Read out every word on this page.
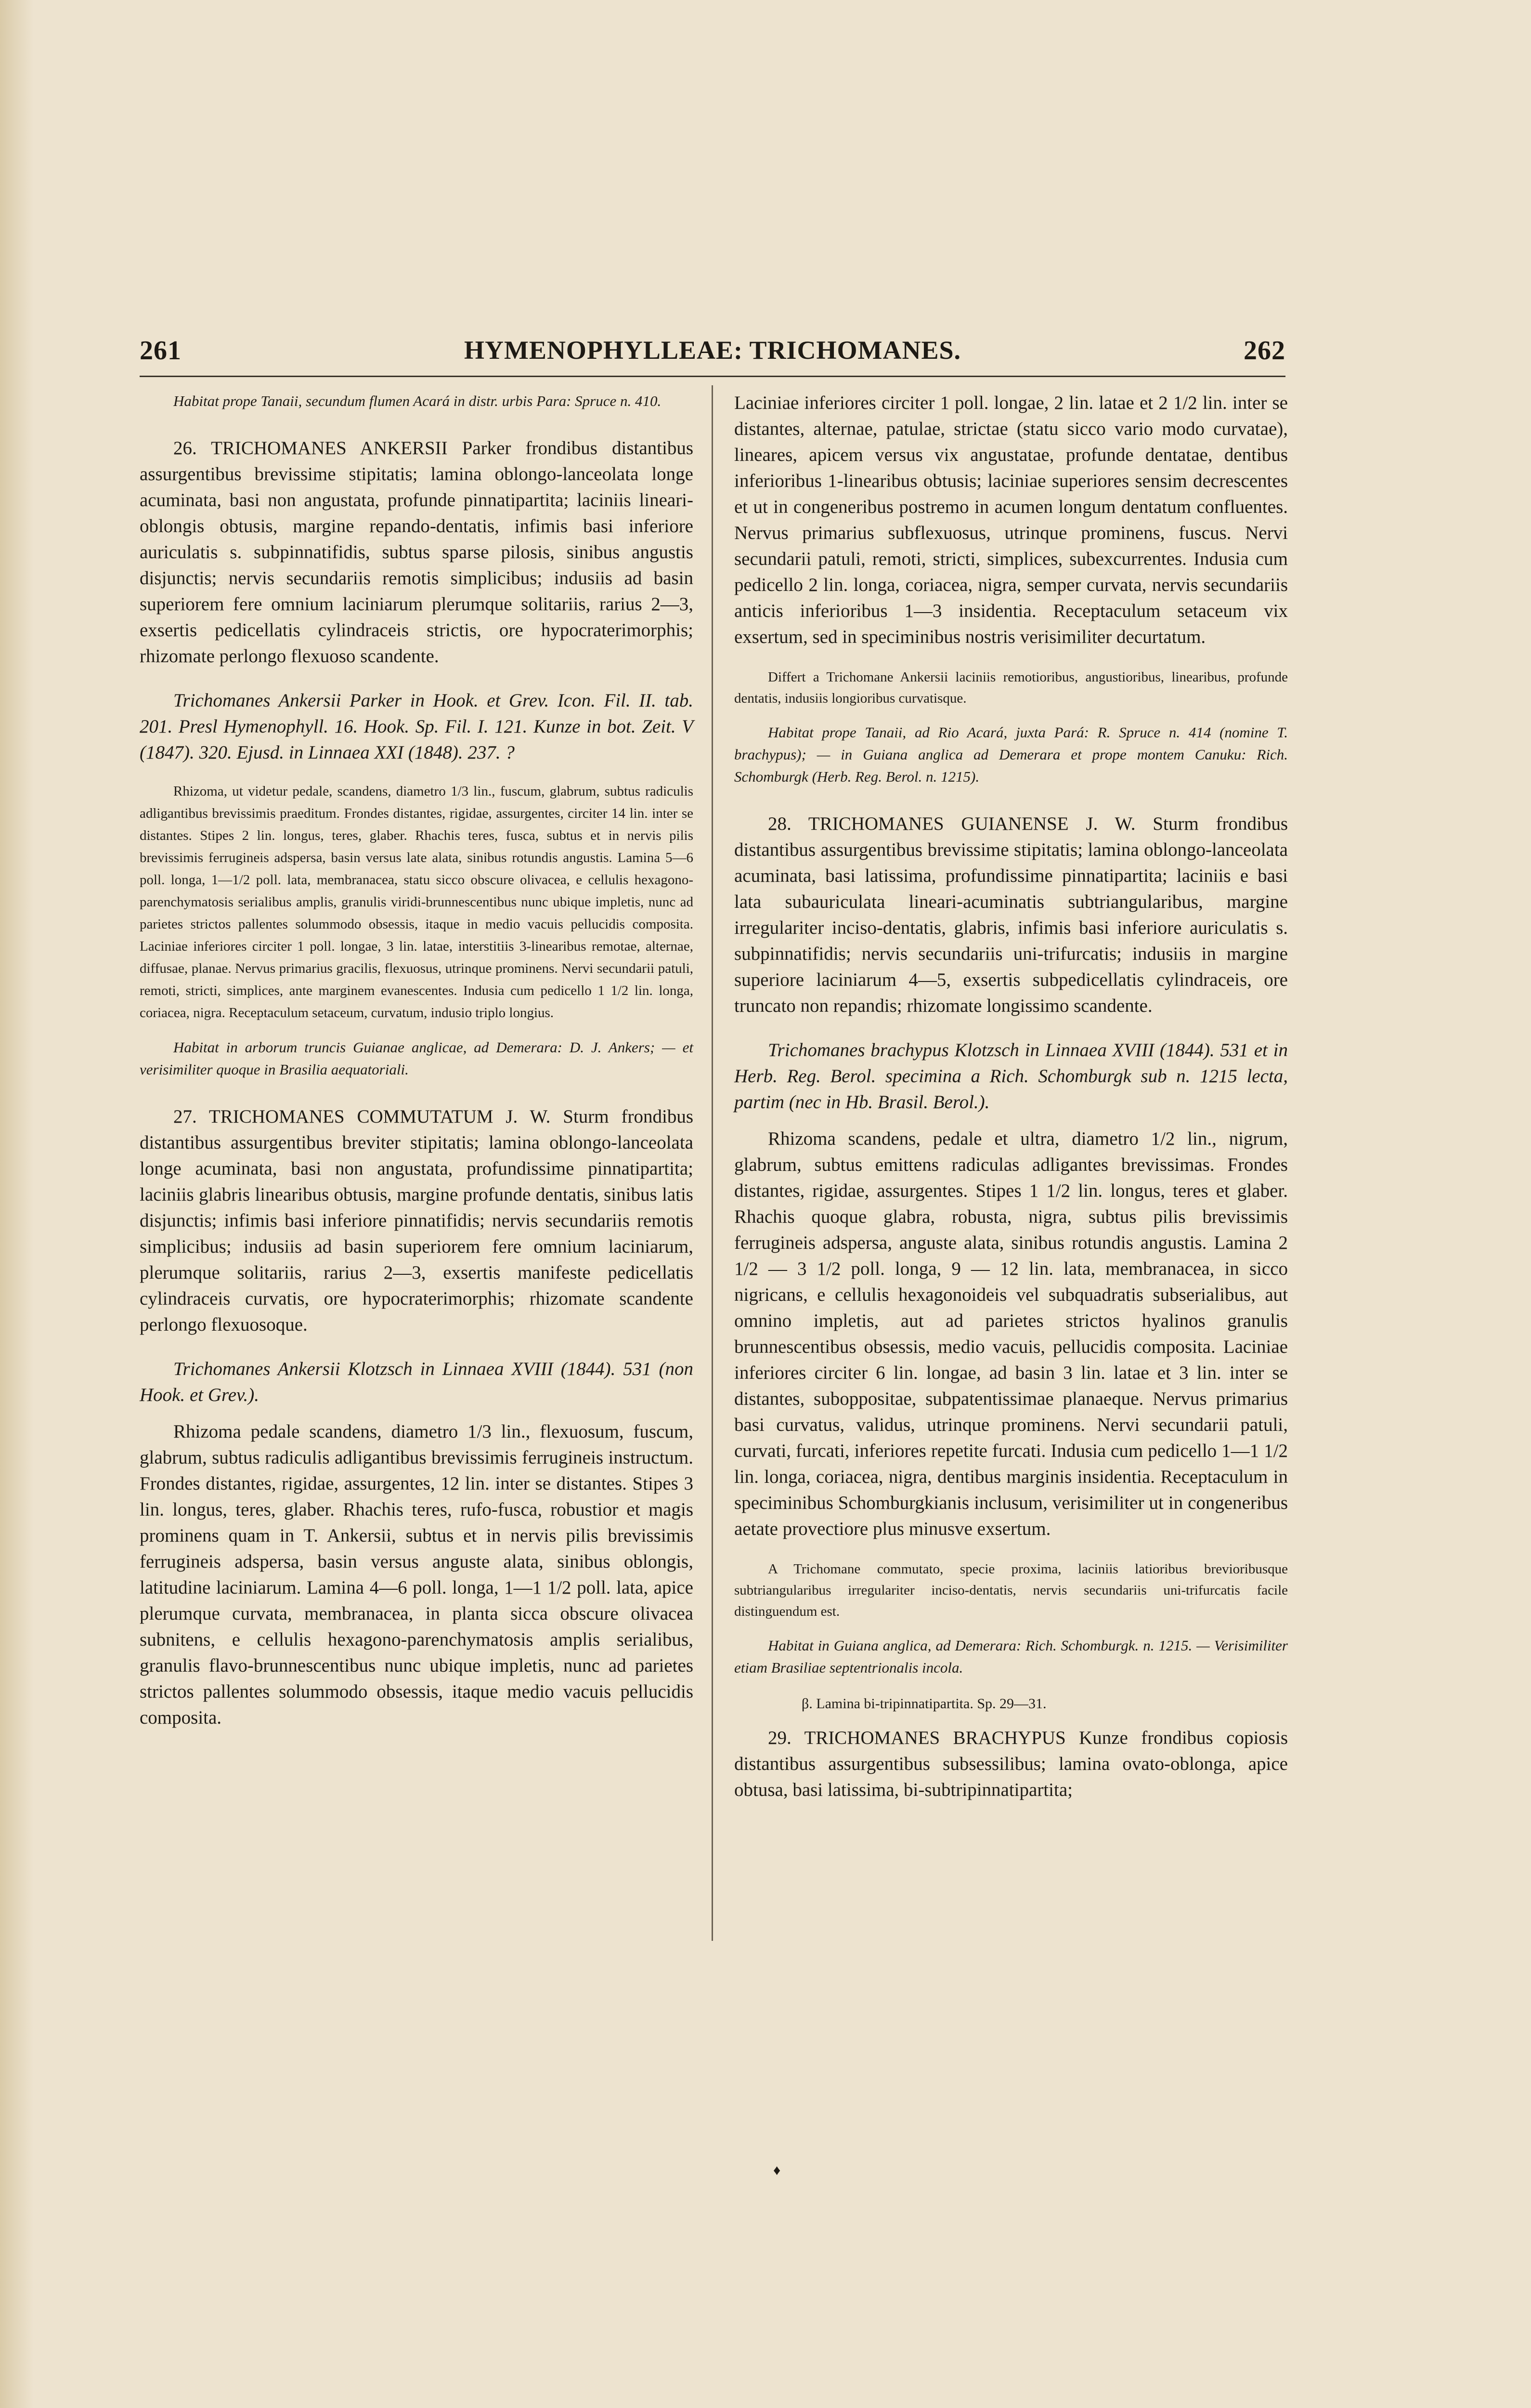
261	HYMENOPHYLLEAE: TRICHOMANES.	262

Habitat prope Tanaii, secundum flumen Acará in distr. urbis Para: Spruce n. 410.

26. TRICHOMANES ANKERSII Parker frondibus distantibus assurgentibus brevissime stipitatis; lamina oblongo-lanceolata longe acuminata, basi non angustata, profunde pinnatipartita; laciniis lineari-oblongis obtusis, margine repando-dentatis, infimis basi inferiore auriculatis s. subpinnatifidis, subtus sparse pilosis, sinibus angustis disjunctis; nervis secundariis remotis simplicibus; indusiis ad basin superiorem fere omnium laciniarum plerumque solitariis, rarius 2—3, exsertis pedicellatis cylindraceis strictis, ore hypocraterimorphis; rhizomate perlongo flexuoso scandente.

Trichomanes Ankersii Parker in Hook. et Grev. Icon. Fil. II. tab. 201. Presl Hymenophyll. 16. Hook. Sp. Fil. I. 121. Kunze in bot. Zeit. V (1847). 320. Ejusd. in Linnaea XXI (1848). 237. ?

Rhizoma, ut videtur pedale, scandens, diametro 1/3 lin., fuscum, glabrum, subtus radiculis adligantibus brevissimis praeditum. Frondes distantes, rigidae, assurgentes, circiter 14 lin. inter se distantes. Stipes 2 lin. longus, teres, glaber. Rhachis teres, fusca, subtus et in nervis pilis brevissimis ferrugineis adspersa, basin versus late alata, sinibus rotundis angustis. Lamina 5—6 poll. longa, 1—1/2 poll. lata, membranacea, statu sicco obscure olivacea, e cellulis hexagono-parenchymatosis serialibus amplis, granulis viridi-brunnescentibus nunc ubique impletis, nunc ad parietes strictos pallentes solummodo obsessis, itaque in medio vacuis pellucidis composita. Laciniae inferiores circiter 1 poll. longae, 3 lin. latae, interstitiis 3-linearibus remotae, alternae, diffusae, planae. Nervus primarius gracilis, flexuosus, utrinque prominens. Nervi secundarii patuli, remoti, stricti, simplices, ante marginem evanescentes. Indusia cum pedicello 1 1/2 lin. longa, coriacea, nigra. Receptaculum setaceum, curvatum, indusio triplo longius.

Habitat in arborum truncis Guianae anglicae, ad Demerara: D. J. Ankers; — et verisimiliter quoque in Brasilia aequatoriali.

27. TRICHOMANES COMMUTATUM J. W. Sturm frondibus distantibus assurgentibus breviter stipitatis; lamina oblongo-lanceolata longe acuminata, basi non angustata, profundissime pinnatipartita; laciniis glabris linearibus obtusis, margine profunde dentatis, sinibus latis disjunctis; infimis basi inferiore pinnatifidis; nervis secundariis remotis simplicibus; indusiis ad basin superiorem fere omnium laciniarum, plerumque solitariis, rarius 2—3, exsertis manifeste pedicellatis cylindraceis curvatis, ore hypocraterimorphis; rhizomate scandente perlongo flexuosoque.

Trichomanes Ankersii Klotzsch in Linnaea XVIII (1844). 531 (non Hook. et Grev.).

Rhizoma pedale scandens, diametro 1/3 lin., flexuosum, fuscum, glabrum, subtus radiculis adligantibus brevissimis ferrugineis instructum. Frondes distantes, rigidae, assurgentes, 12 lin. inter se distantes. Stipes 3 lin. longus, teres, glaber. Rhachis teres, rufo-fusca, robustior et magis prominens quam in T. Ankersii, subtus et in nervis pilis brevissimis ferrugineis adspersa, basin versus anguste alata, sinibus oblongis, latitudine laciniarum. Lamina 4—6 poll. longa, 1—1 1/2 poll. lata, apice plerumque curvata, membranacea, in planta sicca obscure olivacea subnitens, e cellulis hexagono-parenchymatosis amplis serialibus, granulis flavo-brunnescentibus nunc ubique impletis, nunc ad parietes strictos pallentes solummodo obsessis, itaque medio vacuis pellucidis composita.

Laciniae inferiores circiter 1 poll. longae, 2 lin. latae et 2 1/2 lin. inter se distantes, alternae, patulae, strictae (statu sicco vario modo curvatae), lineares, apicem versus vix angustatae, profunde dentatae, dentibus inferioribus 1-linearibus obtusis; laciniae superiores sensim decrescentes et ut in congeneribus postremo in acumen longum dentatum confluentes. Nervus primarius subflexuosus, utrinque prominens, fuscus. Nervi secundarii patuli, remoti, stricti, simplices, subexcurrentes. Indusia cum pedicello 2 lin. longa, coriacea, nigra, semper curvata, nervis secundariis anticis inferioribus 1—3 insidentia. Receptaculum setaceum vix exsertum, sed in speciminibus nostris verisimiliter decurtatum.

Differt a Trichomane Ankersii laciniis remotioribus, angustioribus, linearibus, profunde dentatis, indusiis longioribus curvatisque.

Habitat prope Tanaii, ad Rio Acará, juxta Pará: R. Spruce n. 414 (nomine T. brachypus); — in Guiana anglica ad Demerara et prope montem Canuku: Rich. Schomburgk (Herb. Reg. Berol. n. 1215).

28. TRICHOMANES GUIANENSE J. W. Sturm frondibus distantibus assurgentibus brevissime stipitatis; lamina oblongo-lanceolata acuminata, basi latissima, profundissime pinnatipartita; laciniis e basi lata subauriculata lineari-acuminatis subtriangularibus, margine irregulariter inciso-dentatis, glabris, infimis basi inferiore auriculatis s. subpinnatifidis; nervis secundariis uni-trifurcatis; indusiis in margine superiore laciniarum 4—5, exsertis subpedicellatis cylindraceis, ore truncato non repandis; rhizomate longissimo scandente.

Trichomanes brachypus Klotzsch in Linnaea XVIII (1844). 531 et in Herb. Reg. Berol. specimina a Rich. Schomburgk sub n. 1215 lecta, partim (nec in Hb. Brasil. Berol.).

Rhizoma scandens, pedale et ultra, diametro 1/2 lin., nigrum, glabrum, subtus emittens radiculas adligantes brevissimas. Frondes distantes, rigidae, assurgentes. Stipes 1 1/2 lin. longus, teres et glaber. Rhachis quoque glabra, robusta, nigra, subtus pilis brevissimis ferrugineis adspersa, anguste alata, sinibus rotundis angustis. Lamina 2 1/2 — 3 1/2 poll. longa, 9 — 12 lin. lata, membranacea, in sicco nigricans, e cellulis hexagonoideis vel subquadratis subserialibus, aut omnino impletis, aut ad parietes strictos hyalinos granulis brunnescentibus obsessis, medio vacuis, pellucidis composita. Laciniae inferiores circiter 6 lin. longae, ad basin 3 lin. latae et 3 lin. inter se distantes, suboppositae, subpatentissimae planaeque. Nervus primarius basi curvatus, validus, utrinque prominens. Nervi secundarii patuli, curvati, furcati, inferiores repetite furcati. Indusia cum pedicello 1—1 1/2 lin. longa, coriacea, nigra, dentibus marginis insidentia. Receptaculum in speciminibus Schomburgkianis inclusum, verisimiliter ut in congeneribus aetate provectiore plus minusve exsertum.

A Trichomane commutato, specie proxima, laciniis latioribus brevioribusque subtriangularibus irregulariter inciso-dentatis, nervis secundariis uni-trifurcatis facile distinguendum est.

Habitat in Guiana anglica, ad Demerara: Rich. Schomburgk. n. 1215. — Verisimiliter etiam Brasiliae septentrionalis incola.

β. Lamina bi-tripinnatipartita. Sp. 29—31.

29. TRICHOMANES BRACHYPUS Kunze frondibus copiosis distantibus assurgentibus subsessilibus; lamina ovato-oblonga, apice obtusa, basi latissima, bi-subtripinnatipartita;

♦
